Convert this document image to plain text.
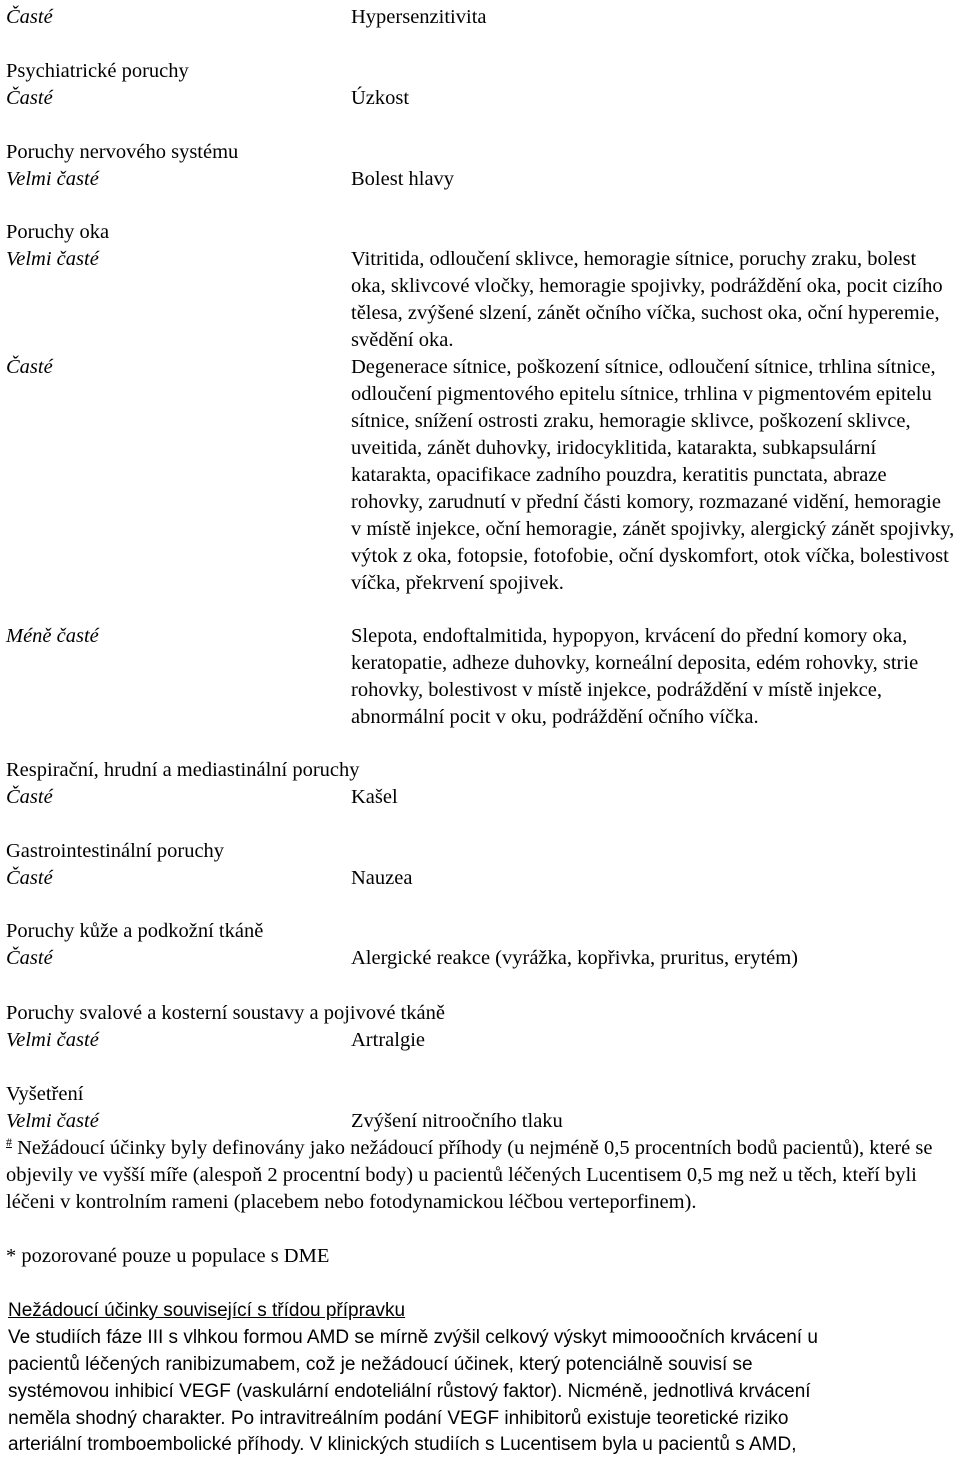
Časté	Hypersenzitivita
Psychiatrické poruchy
Časté	Úzkost
Poruchy nervového systému
Velmi časté	Bolest hlavy
Poruchy oka
Velmi časté	Vitritida, odloučení sklivce, hemoragie sítnice, poruchy zraku, bolest oka, sklivcové vločky, hemoragie spojivky, podráždění oka, pocit cizího tělesa, zvýšené slzení, zánět očního víčka, suchost oka, oční hyperemie, svědění oka.
Časté	Degenerace sítnice, poškození sítnice, odloučení sítnice, trhlina sítnice, odloučení pigmentového epitelu sítnice, trhlina v pigmentovém epitelu sítnice, snížení ostrosti zraku, hemoragie sklivce, poškození sklivce, uveitida, zánět duhovky, iridocyklitida, katarakta, subkapsulární katarakta, opacifikace zadního pouzdra, keratitis punctata, abraze rohovky, zarudnutí v přední části komory, rozmazané vidění, hemoragie v místě injekce, oční hemoragie, zánět spojivky, alergický zánět spojivky, výtok z oka, fotopsie, fotofobie, oční dyskomfort, otok víčka, bolestivost víčka, překrvení spojivek.
Méně časté	Slepota, endoftalmitida, hypopyon, krvácení do přední komory oka, keratopatie, adheze duhovky, korneální deposita, edém rohovky, strie rohovky, bolestivost v místě injekce, podráždění v místě injekce, abnormální pocit v oku, podráždění očního víčka.
Respirační, hrudní a mediastinální poruchy
Časté	Kašel
Gastrointestinální poruchy
Časté	Nauzea
Poruchy kůže a podkožní tkáně
Časté	Alergické reakce (vyrážka, kopřivka, pruritus, erytém)
Poruchy svalové a kosterní soustavy a pojivové tkáně
Velmi časté	Artralgie
Vyšetření
Velmi časté	Zvýšení nitroočního tlaku
# Nežádoucí účinky byly definovány jako nežádoucí příhody (u nejméně 0,5 procentních bodů pacientů), které se objevily ve vyšší míře (alespoň 2 procentní body) u pacientů léčených Lucentisem 0,5 mg než u těch, kteří byli léčeni v kontrolním rameni (placebem nebo fotodynamickou léčbou verteporfinem).
* pozorované pouze u populace s DME
Nežádoucí účinky související s třídou přípravku
Ve studiích fáze III s vlhkou formou AMD se mírně zvýšil celkový výskyt mimooočních krvácení u
pacientů léčených ranibizumabem, což je nežádoucí účinek, který potenciálně souvisí se
systémovou inhibicí VEGF (vaskulární endoteliální růstový faktor). Nicméně, jednotlivá krvácení
neměla shodný charakter. Po intravitreálním podání VEGF inhibitorů existuje teoretické riziko
arteriální tromboembolické příhody. V klinických studiích s Lucentisem byla u pacientů s AMD,
